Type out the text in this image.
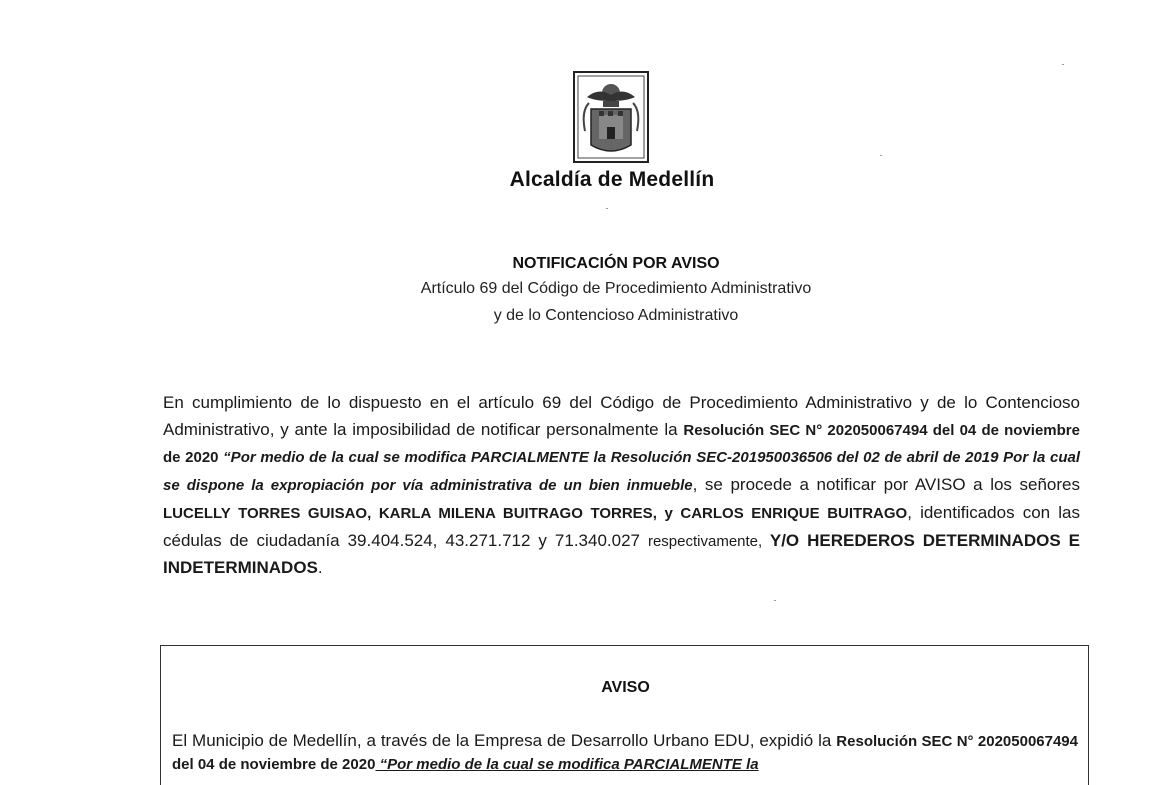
Alcaldía de Medellín
NOTIFICACIÓN POR AVISO
Artículo 69 del Código de Procedimiento Administrativo
y de lo Contencioso Administrativo
En cumplimiento de lo dispuesto en el artículo 69 del Código de Procedimiento Administrativo y de lo Contencioso Administrativo, y ante la imposibilidad de notificar personalmente la Resolución SEC N° 202050067494 del 04 de noviembre de 2020 “Por medio de la cual se modifica PARCIALMENTE la Resolución SEC-201950036506 del 02 de abril de 2019 Por la cual se dispone la expropiación por vía administrativa de un bien inmueble, se procede a notificar por AVISO a los señores LUCELLY TORRES GUISAO, KARLA MILENA BUITRAGO TORRES, y CARLOS ENRIQUE BUITRAGO, identificados con las cédulas de ciudadanía 39.404.524, 43.271.712 y 71.340.027 respectivamente, Y/O HEREDEROS DETERMINADOS E INDETERMINADOS.
AVISO
El Municipio de Medellín, a través de la Empresa de Desarrollo Urbano EDU, expidió la Resolución SEC N° 202050067494 del 04 de noviembre de 2020 “Por medio de la cual se modifica PARCIALMENTE la
